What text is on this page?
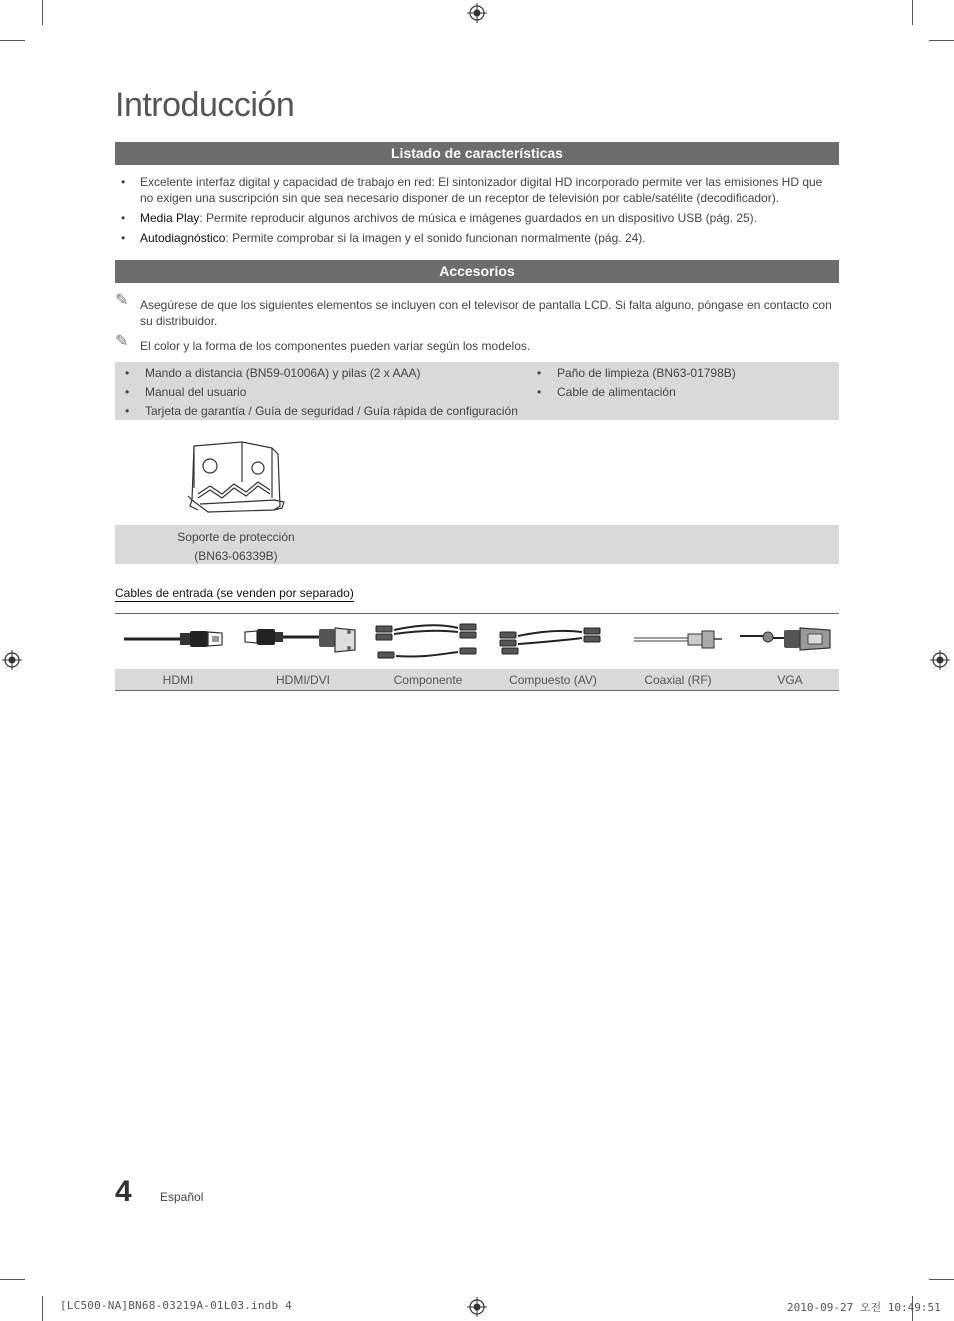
Introducción
Listado de características
• Excelente interfaz digital y capacidad de trabajo en red: El sintonizador digital HD incorporado permite ver las emisiones HD que no exigen una suscripción sin que sea necesario disponer de un receptor de televisión por cable/satélite (decodificador).
• Media Play: Permite reproducir algunos archivos de música e imágenes guardados en un dispositivo USB (pág. 25).
• Autodiagnóstico: Permite comprobar si la imagen y el sonido funcionan normalmente (pág. 24).
Accesorios
✎ Asegúrese de que los siguientes elementos se incluyen con el televisor de pantalla LCD. Si falta alguno, póngase en contacto con su distribuidor.
✎ El color y la forma de los componentes pueden variar según los modelos.
• Mando a distancia (BN59-01006A) y pilas (2 x AAA)
• Manual del usuario
• Tarjeta de garantía / Guía de seguridad / Guía rápida de configuración
• Paño de limpieza (BN63-01798B)
• Cable de alimentación
Soporte de protección
(BN63-06339B)
Cables de entrada (se venden por separado)
HDMI	HDMI/DVI	Componente	Compuesto (AV)	Coaxial (RF)	VGA
4 Español
[LC500-NA]BN68-03219A-01L03.indb 4	2010-09-27 오전 10:49:51
